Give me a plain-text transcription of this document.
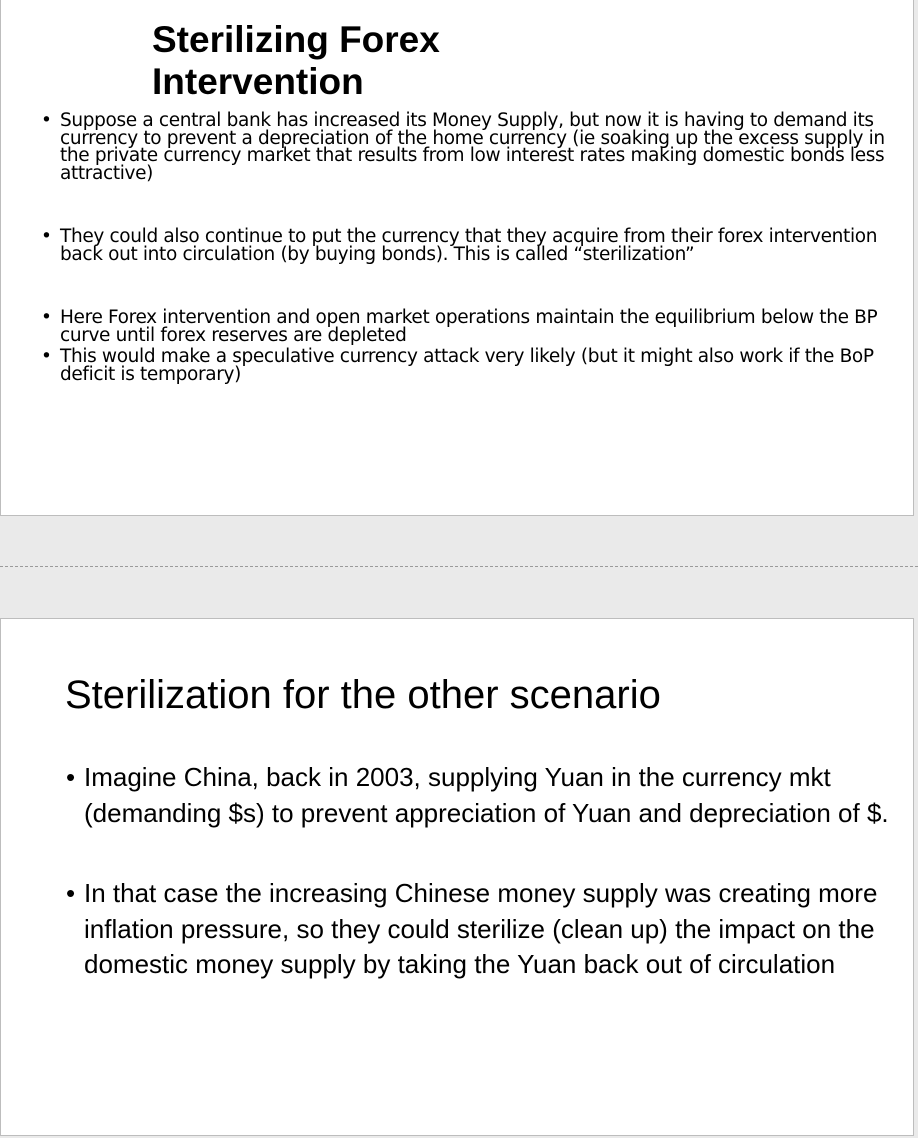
Sterilizing Forex Intervention
• Suppose a central bank has increased its Money Supply, but now it is having to demand its currency to prevent a depreciation of the home currency (ie soaking up the excess supply in the private currency market that results from low interest rates making domestic bonds less attractive)
• They could also continue to put the currency that they acquire from their forex intervention back out into circulation (by buying bonds). This is called “sterilization”
• Here Forex intervention and open market operations maintain the equilibrium below the BP curve until forex reserves are depleted
• This would make a speculative currency attack very likely (but it might also work if the BoP deficit is temporary)
Sterilization for the other scenario
• Imagine China, back in 2003, supplying Yuan in the currency mkt (demanding $s) to prevent appreciation of Yuan and depreciation of $.
• In that case the increasing Chinese money supply was creating more inflation pressure, so they could sterilize (clean up) the impact on the domestic money supply by taking the Yuan back out of circulation
